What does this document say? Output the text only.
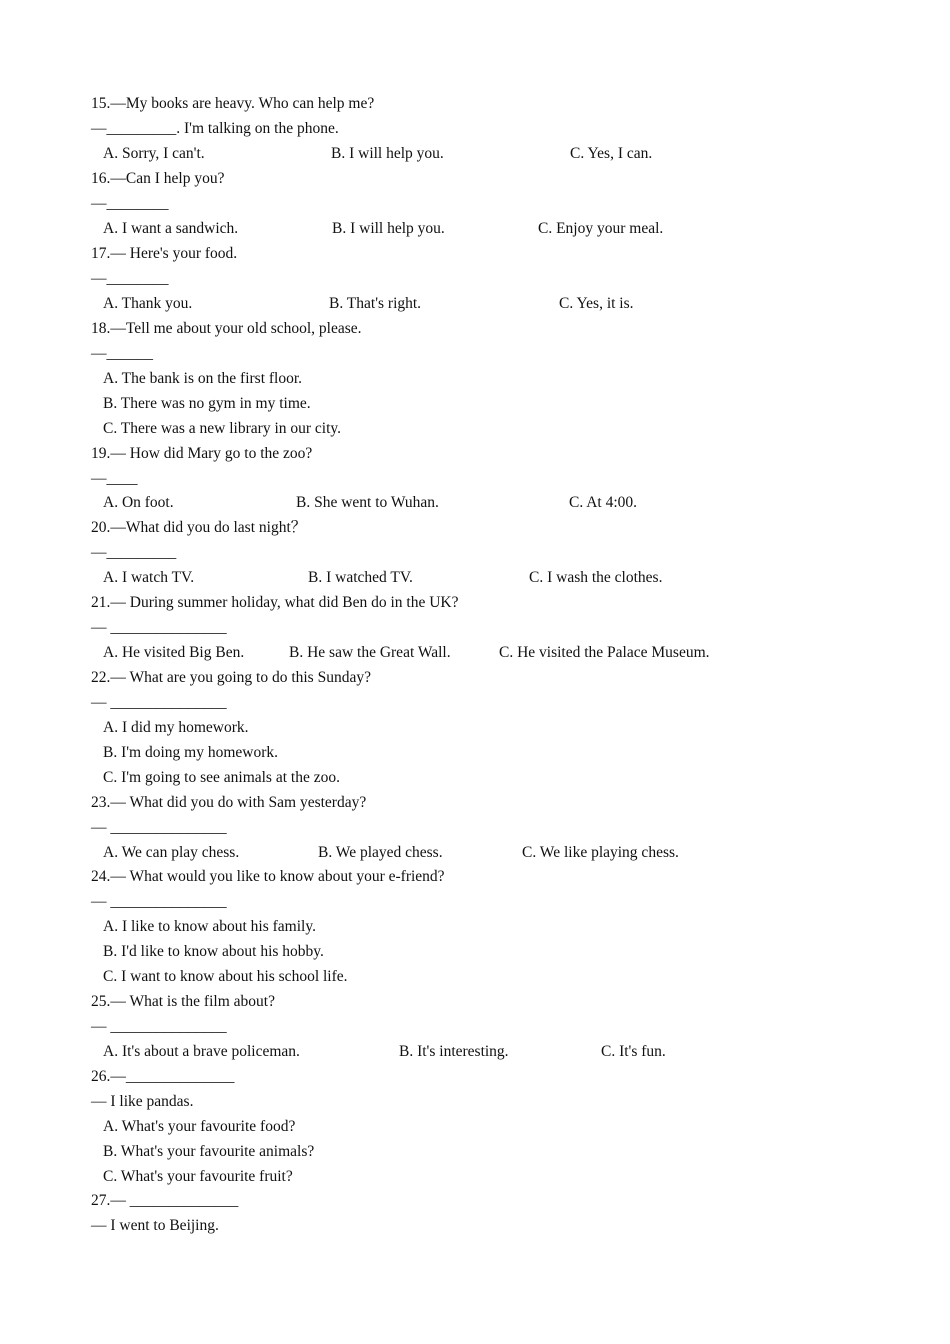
15.—My books are heavy. Who can help me?
—_________. I'm talking on the phone.
A. Sorry, I can't.	B. I will help you.	C. Yes, I can.
16.—Can I help you?
—________
A. I want a sandwich.	B. I will help you.	C. Enjoy your meal.
17.— Here's your food.
—________
A. Thank you.	B. That's right.	C. Yes, it is.
18.—Tell me about your old school, please.
—______
A. The bank is on the first floor.
B. There was no gym in my time.
C. There was a new library in our city.
19.— How did Mary go to the zoo?
—____
A. On foot.	B. She went to Wuhan.	C. At 4:00.
20.—What did you do last night？
—_________
A. I watch TV.	B. I watched TV.	C. I wash the clothes.
21.— During summer holiday, what did Ben do in the UK?
— _______________
A. He visited Big Ben.	B. He saw the Great Wall.	C. He visited the Palace Museum.
22.— What are you going to do this Sunday?
— _______________
A. I did my homework.
B. I'm doing my homework.
C. I'm going to see animals at the zoo.
23.— What did you do with Sam yesterday?
— _______________
A. We can play chess.	B. We played chess.	C. We like playing chess.
24.— What would you like to know about your e-friend?
— _______________
A. I like to know about his family.
B. I'd like to know about his hobby.
C. I want to know about his school life.
25.— What is the film about?
— _______________
A. It's about a brave policeman.	B. It's interesting.	C. It's fun.
26.—______________
— I like pandas.
A. What's your favourite food?
B. What's your favourite animals?
C. What's your favourite fruit?
27.— ______________
— I went to Beijing.
